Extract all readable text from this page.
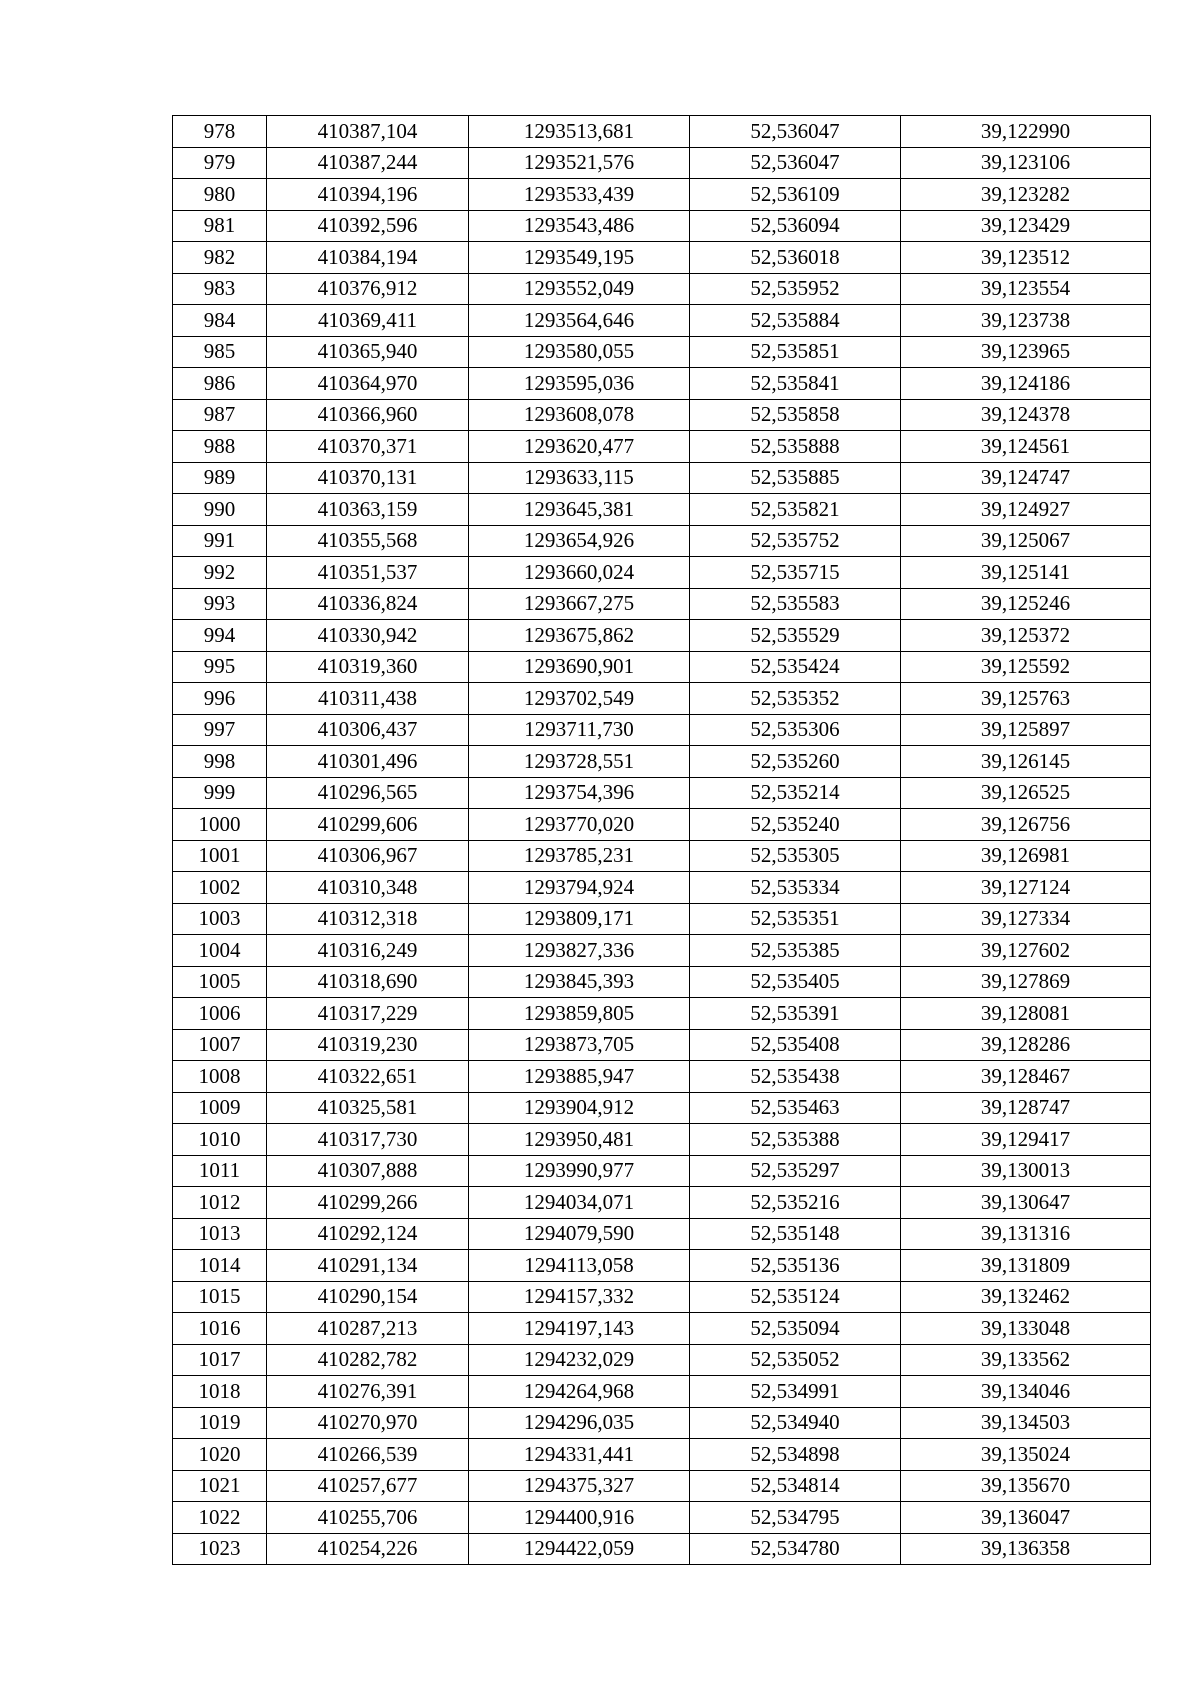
978	410387,104	1293513,681	52,536047	39,122990
979	410387,244	1293521,576	52,536047	39,123106
980	410394,196	1293533,439	52,536109	39,123282
981	410392,596	1293543,486	52,536094	39,123429
982	410384,194	1293549,195	52,536018	39,123512
983	410376,912	1293552,049	52,535952	39,123554
984	410369,411	1293564,646	52,535884	39,123738
985	410365,940	1293580,055	52,535851	39,123965
986	410364,970	1293595,036	52,535841	39,124186
987	410366,960	1293608,078	52,535858	39,124378
988	410370,371	1293620,477	52,535888	39,124561
989	410370,131	1293633,115	52,535885	39,124747
990	410363,159	1293645,381	52,535821	39,124927
991	410355,568	1293654,926	52,535752	39,125067
992	410351,537	1293660,024	52,535715	39,125141
993	410336,824	1293667,275	52,535583	39,125246
994	410330,942	1293675,862	52,535529	39,125372
995	410319,360	1293690,901	52,535424	39,125592
996	410311,438	1293702,549	52,535352	39,125763
997	410306,437	1293711,730	52,535306	39,125897
998	410301,496	1293728,551	52,535260	39,126145
999	410296,565	1293754,396	52,535214	39,126525
1000	410299,606	1293770,020	52,535240	39,126756
1001	410306,967	1293785,231	52,535305	39,126981
1002	410310,348	1293794,924	52,535334	39,127124
1003	410312,318	1293809,171	52,535351	39,127334
1004	410316,249	1293827,336	52,535385	39,127602
1005	410318,690	1293845,393	52,535405	39,127869
1006	410317,229	1293859,805	52,535391	39,128081
1007	410319,230	1293873,705	52,535408	39,128286
1008	410322,651	1293885,947	52,535438	39,128467
1009	410325,581	1293904,912	52,535463	39,128747
1010	410317,730	1293950,481	52,535388	39,129417
1011	410307,888	1293990,977	52,535297	39,130013
1012	410299,266	1294034,071	52,535216	39,130647
1013	410292,124	1294079,590	52,535148	39,131316
1014	410291,134	1294113,058	52,535136	39,131809
1015	410290,154	1294157,332	52,535124	39,132462
1016	410287,213	1294197,143	52,535094	39,133048
1017	410282,782	1294232,029	52,535052	39,133562
1018	410276,391	1294264,968	52,534991	39,134046
1019	410270,970	1294296,035	52,534940	39,134503
1020	410266,539	1294331,441	52,534898	39,135024
1021	410257,677	1294375,327	52,534814	39,135670
1022	410255,706	1294400,916	52,534795	39,136047
1023	410254,226	1294422,059	52,534780	39,136358
